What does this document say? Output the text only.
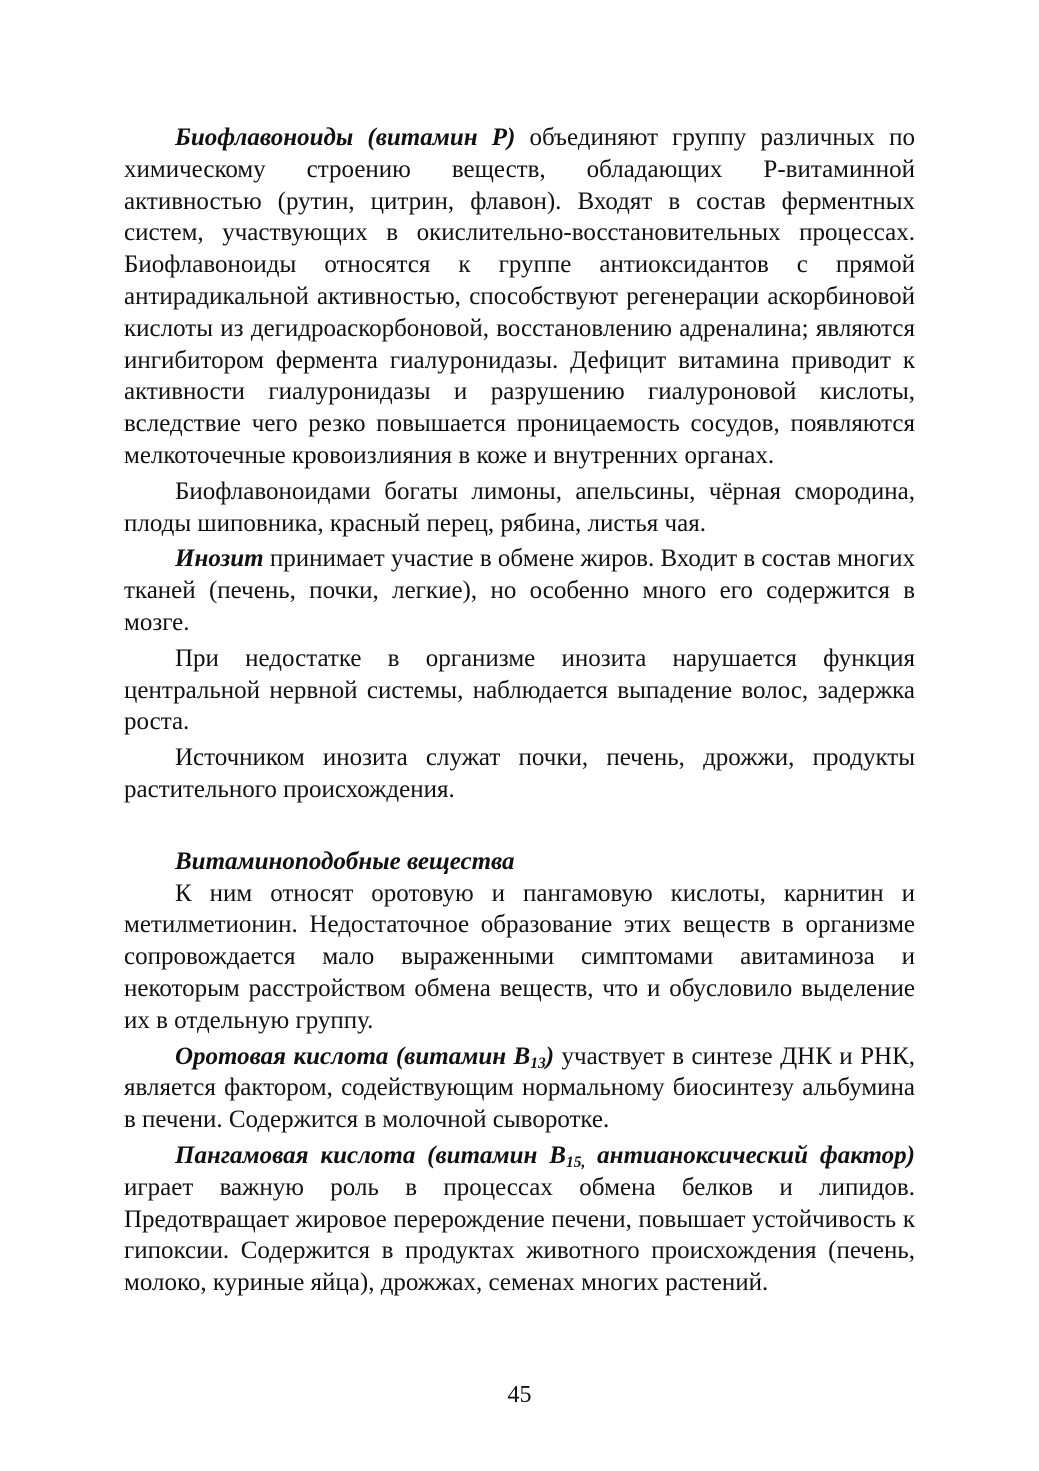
Биофлавоноиды (витамин Р) объединяют группу различных по химическому строению веществ, обладающих Р-витаминной активностью (рутин, цитрин, флавон). Входят в состав ферментных систем, участвующих в окислительно-восстановительных процессах. Биофлавоноиды относятся к группе антиоксидантов с прямой антирадикальной активностью, способствуют регенерации аскорбиновой кислоты из дегидроаскорбоновой, восстановлению адреналина; являются ингибитором фермента гиалуронидазы. Дефицит витамина приводит к активности гиалуронидазы и разрушению гиалуроновой кислоты, вследствие чего резко повышается проницаемость сосудов, появляются мелкоточечные кровоизлияния в коже и внутренних органах.

Биофлавоноидами богаты лимоны, апельсины, чёрная смородина, плоды шиповника, красный перец, рябина, листья чая.

Инозит принимает участие в обмене жиров. Входит в состав многих тканей (печень, почки, легкие), но особенно много его содержится в мозге.

При недостатке в организме инозита нарушается функция центральной нервной системы, наблюдается выпадение волос, задержка роста.

Источником инозита служат почки, печень, дрожжи, продукты растительного происхождения.

Витаминоподобные вещества

К ним относят оротовую и пангамовую кислоты, карнитин и метилметионин. Недостаточное образование этих веществ в организме сопровождается мало выраженными симптомами авитаминоза и некоторым расстройством обмена веществ, что и обусловило выделение их в отдельную группу.

Оротовая кислота (витамин $В_{13}$) участвует в синтезе ДНК и РНК, является фактором, содействующим нормальному биосинтезу альбумина в печени. Содержится в молочной сыворотке.

Пангамовая кислота (витамин $В_{15,}$ антианоксический фактор) играет важную роль в процессах обмена белков и липидов. Предотвращает жировое перерождение печени, повышает устойчивость к гипоксии. Содержится в продуктах животного происхождения (печень, молоко, куриные яйца), дрожжах, семенах многих растений.

45
